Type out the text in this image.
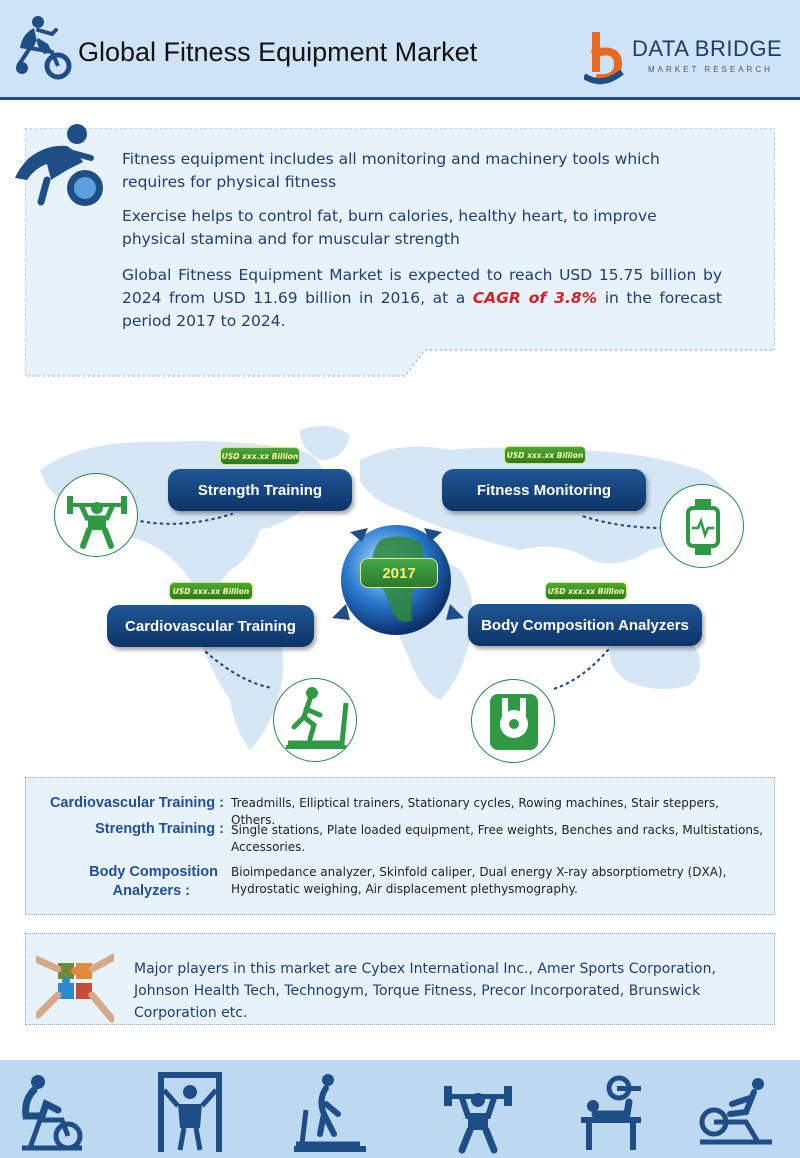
Global Fitness Equipment Market	DATA BRIDGE
MARKET RESEARCH
Fitness equipment includes all monitoring and machinery tools which requires for physical fitness
Exercise helps to control fat, burn calories, healthy heart, to improve physical stamina and for muscular strength
Global Fitness Equipment Market is expected to reach USD 15.75 billion by 2024 from USD 11.69 billion in 2016, at a CAGR of 3.8% in the forecast period 2017 to 2024.
USD xxx.xx Billion
Strength Training
USD xxx.xx Billion
Fitness Monitoring
USD xxx.xx Billion
Cardiovascular Training
USD xxx.xx Billion
Body Composition Analyzers
2017
Cardiovascular Training : Treadmills, Elliptical trainers, Stationary cycles, Rowing machines, Stair steppers, Others.
Strength Training : Single stations, Plate loaded equipment, Free weights, Benches and racks, Multistations, Accessories.
Body Composition
Analyzers :
Bioimpedance analyzer, Skinfold caliper, Dual energy X-ray absorptiometry (DXA), Hydrostatic weighing, Air displacement plethysmography.
Major players in this market are Cybex International Inc., Amer Sports Corporation, Johnson Health Tech, Technogym, Torque Fitness, Precor Incorporated, Brunswick Corporation etc.
